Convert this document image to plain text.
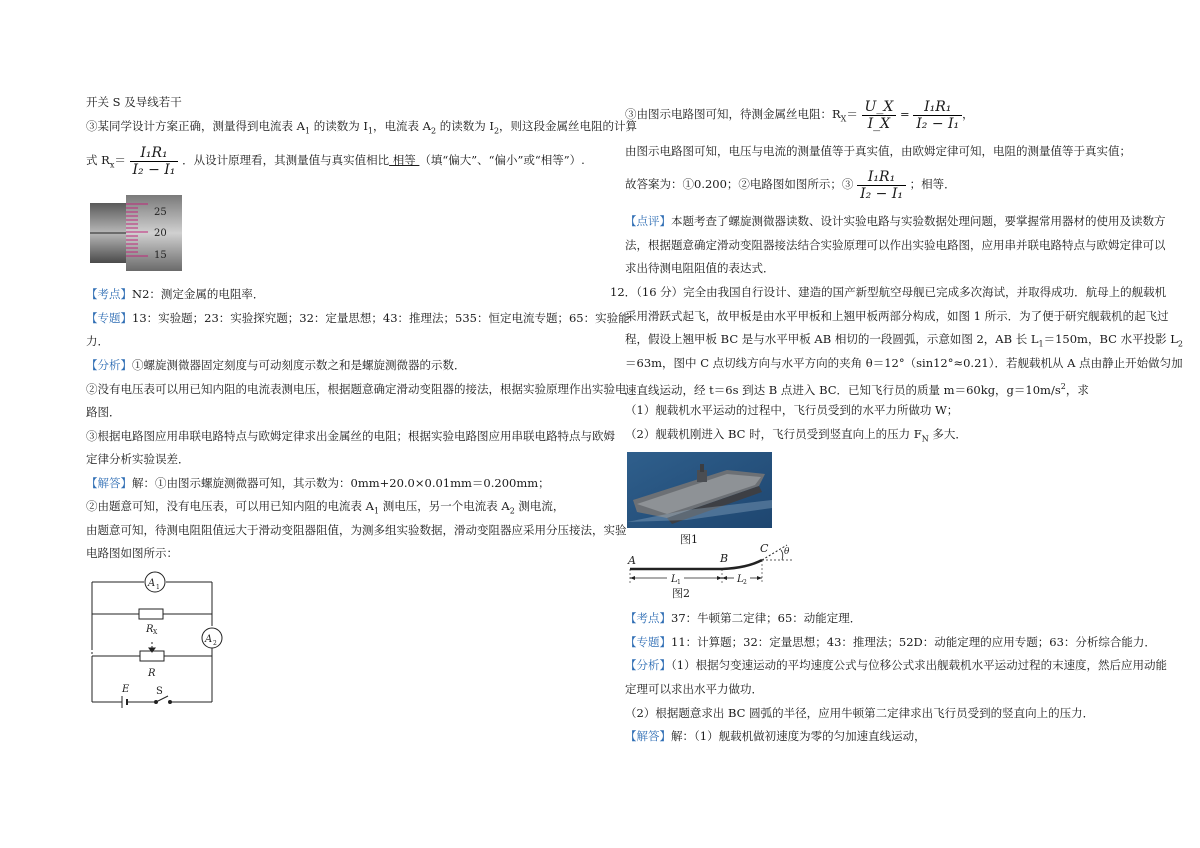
开关 S 及导线若干
③某同学设计方案正确，测量得到电流表 $A_1$ 的读数为 $I_1$，电流表 $A_2$ 的读数为 $I_2$，则这段金属丝电阻的计算
式 $R_x= \frac{\text{I₁R₁}}{\text{I₂ − I₁}}$ ．从设计原理看，其测量值与真实值相比 相等 （填“偏大”、“偏小”或“相等”）.
25
20
15
【考点】N2：测定金属的电阻率．
【专题】13：实验题；23：实验探究题；32：定量思想；43：推理法；535：恒定电流专题；65：实验能
力．
【分析】①螺旋测微器固定刻度与可动刻度示数之和是螺旋测微器的示数．
②没有电压表可以用已知内阻的电流表测电压，根据题意确定滑动变阻器的接法，根据实验原理作出实验电
路图．
③根据电路图应用串联电路特点与欧姆定律求出金属丝的电阻；根据实验电路图应用串联电路特点与欧姆
定律分析实验误差．
【解答】解：①由图示螺旋测微器可知，其示数为：0mm+20.0×0.01mm＝0.200mm；
②由题意可知，没有电压表，可以用已知内阻的电流表 $A_1$ 测电压，另一个电流表 $A_2$ 测电流，
由题意可知，待测电阻阻值远大于滑动变阻器阻值，为测多组实验数据，滑动变阻器应采用分压接法，实验
电路图如图所示：
A 1
R X
A 2
R
E	S
③由图示电路图可知，待测金属丝电阻：$R_X= \frac{U\_X}{I\_X} = \frac{\text{I₁R₁}}{\text{I₂ − I₁}}$ ，
由图示电路图可知，电压与电流的测量值等于真实值，由欧姆定律可知，电阻的测量值等于真实值；
故答案为：①0.200；②电路图如图所示；③ $\frac{\text{I₁R₁}}{\text{I₂ − I₁}}$ ；相等．
【点评】本题考查了螺旋测微器读数、设计实验电路与实验数据处理问题，要掌握常用器材的使用及读数方
法，根据题意确定滑动变阻器接法结合实验原理可以作出实验电路图，应用串并联电路特点与欧姆定律可以
求出待测电阻阻值的表达式．
12．（16 分）完全由我国自行设计、建造的国产新型航空母舰已完成多次海试，并取得成功．航母上的舰载机
采用滑跃式起飞，故甲板是由水平甲板和上翘甲板两部分构成，如图 1 所示．为了便于研究舰载机的起飞过
程，假设上翘甲板 BC 是与水平甲板 AB 相切的一段圆弧，示意如图 2，AB 长 $L_1=150m$，BC 水平投影 $L_2$
＝63m，图中 C 点切线方向与水平方向的夹角 θ＝12°（sin12°≈0.21）．若舰载机从 A 点由静止开始做匀加
速直线运动，经 t＝6s 到达 B 点进入 BC．已知飞行员的质量 m＝60kg，$g=10m/s^2$，求
（1）舰载机水平运动的过程中，飞行员受到的水平力所做功 W；
（2）舰载机刚进入 BC 时，飞行员受到竖直向上的压力 $F_N$ 多大．
图1
A	B
C θ
L 1	L 2
图2
【考点】37：牛顿第二定律；65：动能定理．
【专题】11：计算题；32：定量思想；43：推理法；52D：动能定理的应用专题；63：分析综合能力．
【分析】（1）根据匀变速运动的平均速度公式与位移公式求出舰载机水平运动过程的末速度，然后应用动能
定理可以求出水平力做功．
（2）根据题意求出 BC 圆弧的半径，应用牛顿第二定律求出飞行员受到的竖直向上的压力．
【解答】解：（1）舰载机做初速度为零的匀加速直线运动，
